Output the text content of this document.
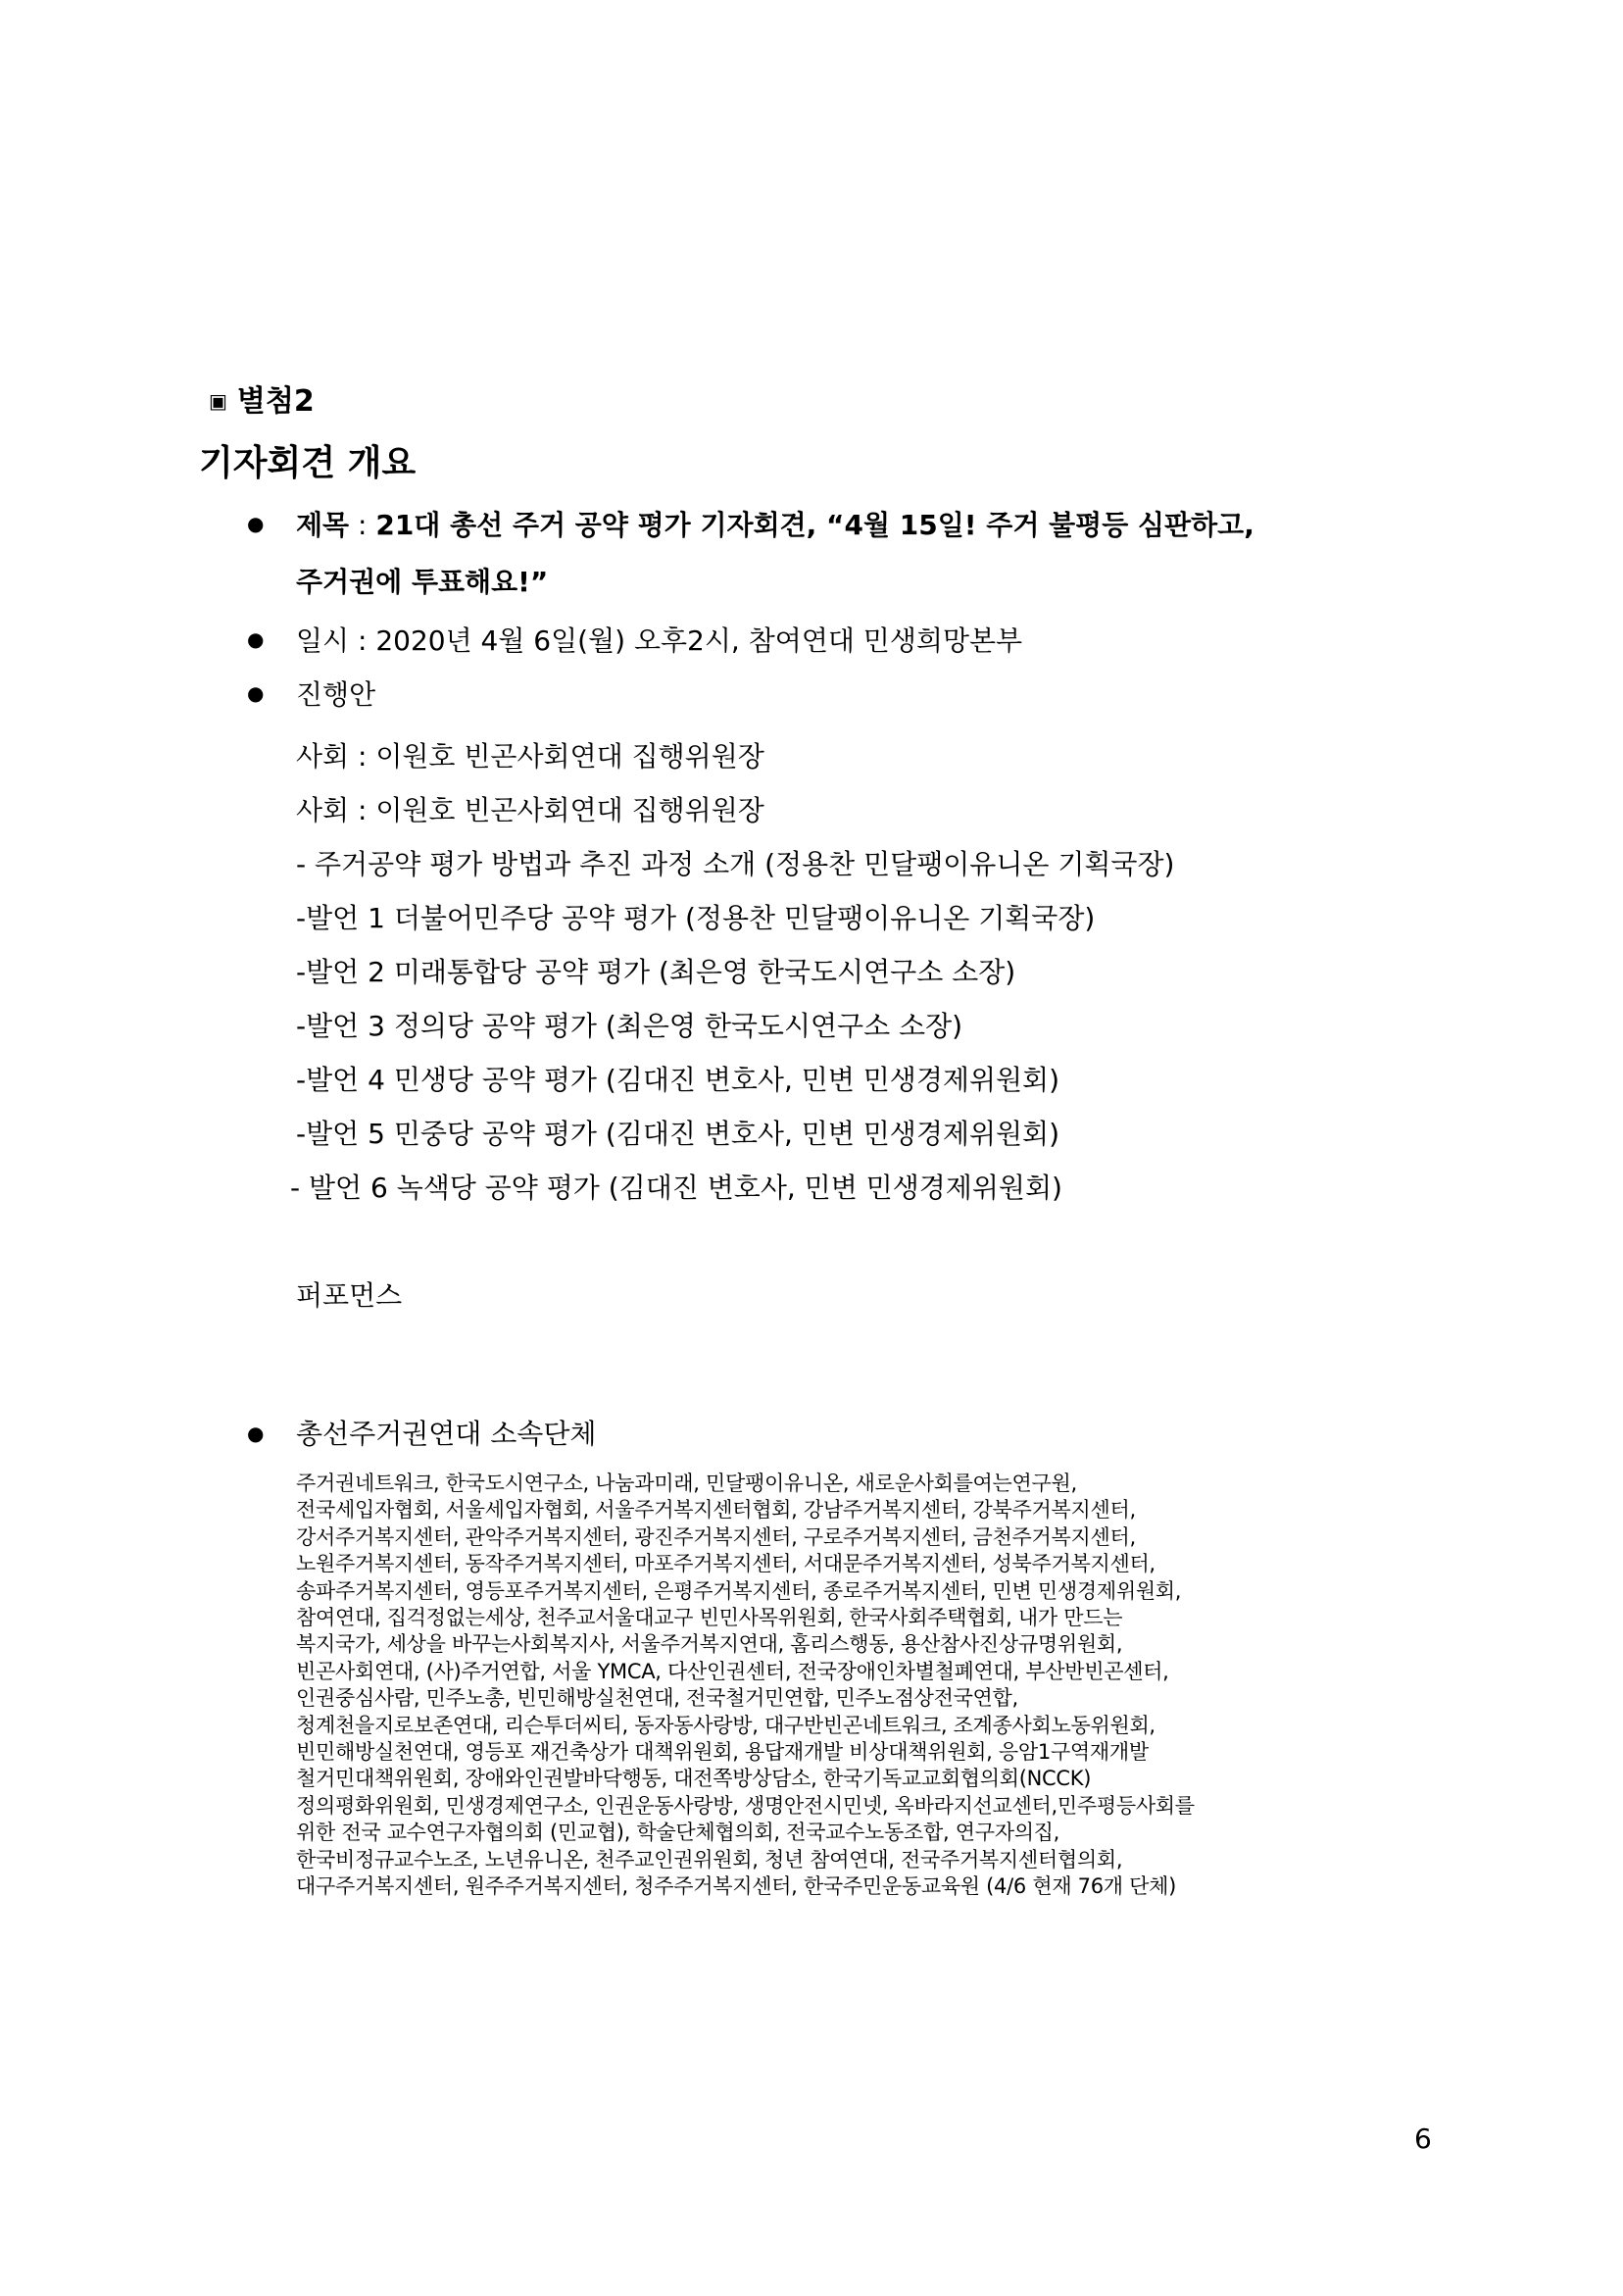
▣ 별첨2
기자회견 개요
● 제목 : 21대 총선 주거 공약 평가 기자회견, “4월 15일! 주거 불평등 심판하고,
주거권에 투표해요!”
● 일시 : 2020년 4월 6일(월) 오후2시, 참여연대 민생희망본부
● 진행안
사회 : 이원호 빈곤사회연대 집행위원장
사회 : 이원호 빈곤사회연대 집행위원장
- 주거공약 평가 방법과 추진 과정 소개 (정용찬 민달팽이유니온 기획국장)
-발언 1 더불어민주당 공약 평가 (정용찬 민달팽이유니온 기획국장)
-발언 2 미래통합당 공약 평가 (최은영 한국도시연구소 소장)
-발언 3 정의당 공약 평가 (최은영 한국도시연구소 소장)
-발언 4 민생당 공약 평가 (김대진 변호사, 민변 민생경제위원회)
-발언 5 민중당 공약 평가 (김대진 변호사, 민변 민생경제위원회)
- 발언 6 녹색당 공약 평가 (김대진 변호사, 민변 민생경제위원회)
퍼포먼스
● 총선주거권연대 소속단체
주거권네트워크, 한국도시연구소, 나눔과미래, 민달팽이유니온, 새로운사회를여는연구원,
전국세입자협회, 서울세입자협회, 서울주거복지센터협회, 강남주거복지센터, 강북주거복지센터,
강서주거복지센터, 관악주거복지센터, 광진주거복지센터, 구로주거복지센터, 금천주거복지센터,
노원주거복지센터, 동작주거복지센터, 마포주거복지센터, 서대문주거복지센터, 성북주거복지센터,
송파주거복지센터, 영등포주거복지센터, 은평주거복지센터, 종로주거복지센터, 민변 민생경제위원회,
참여연대, 집걱정없는세상, 천주교서울대교구 빈민사목위원회, 한국사회주택협회, 내가 만드는
복지국가, 세상을 바꾸는사회복지사, 서울주거복지연대, 홈리스행동, 용산참사진상규명위원회,
빈곤사회연대, (사)주거연합, 서울 YMCA, 다산인권센터, 전국장애인차별철폐연대, 부산반빈곤센터,
인권중심사람, 민주노총, 빈민해방실천연대, 전국철거민연합, 민주노점상전국연합,
청계천을지로보존연대, 리슨투더씨티, 동자동사랑방, 대구반빈곤네트워크, 조계종사회노동위원회,
빈민해방실천연대, 영등포 재건축상가 대책위원회, 용답재개발 비상대책위원회, 응암1구역재개발
철거민대책위원회, 장애와인권발바닥행동, 대전쪽방상담소, 한국기독교교회협의회(NCCK)
정의평화위원회, 민생경제연구소, 인권운동사랑방, 생명안전시민넷, 옥바라지선교센터,민주평등사회를
위한 전국 교수연구자협의회 (민교협), 학술단체협의회, 전국교수노동조합, 연구자의집,
한국비정규교수노조, 노년유니온, 천주교인권위원회, 청년 참여연대, 전국주거복지센터협의회,
대구주거복지센터, 원주주거복지센터, 청주주거복지센터, 한국주민운동교육원 (4/6 현재 76개 단체)
6
